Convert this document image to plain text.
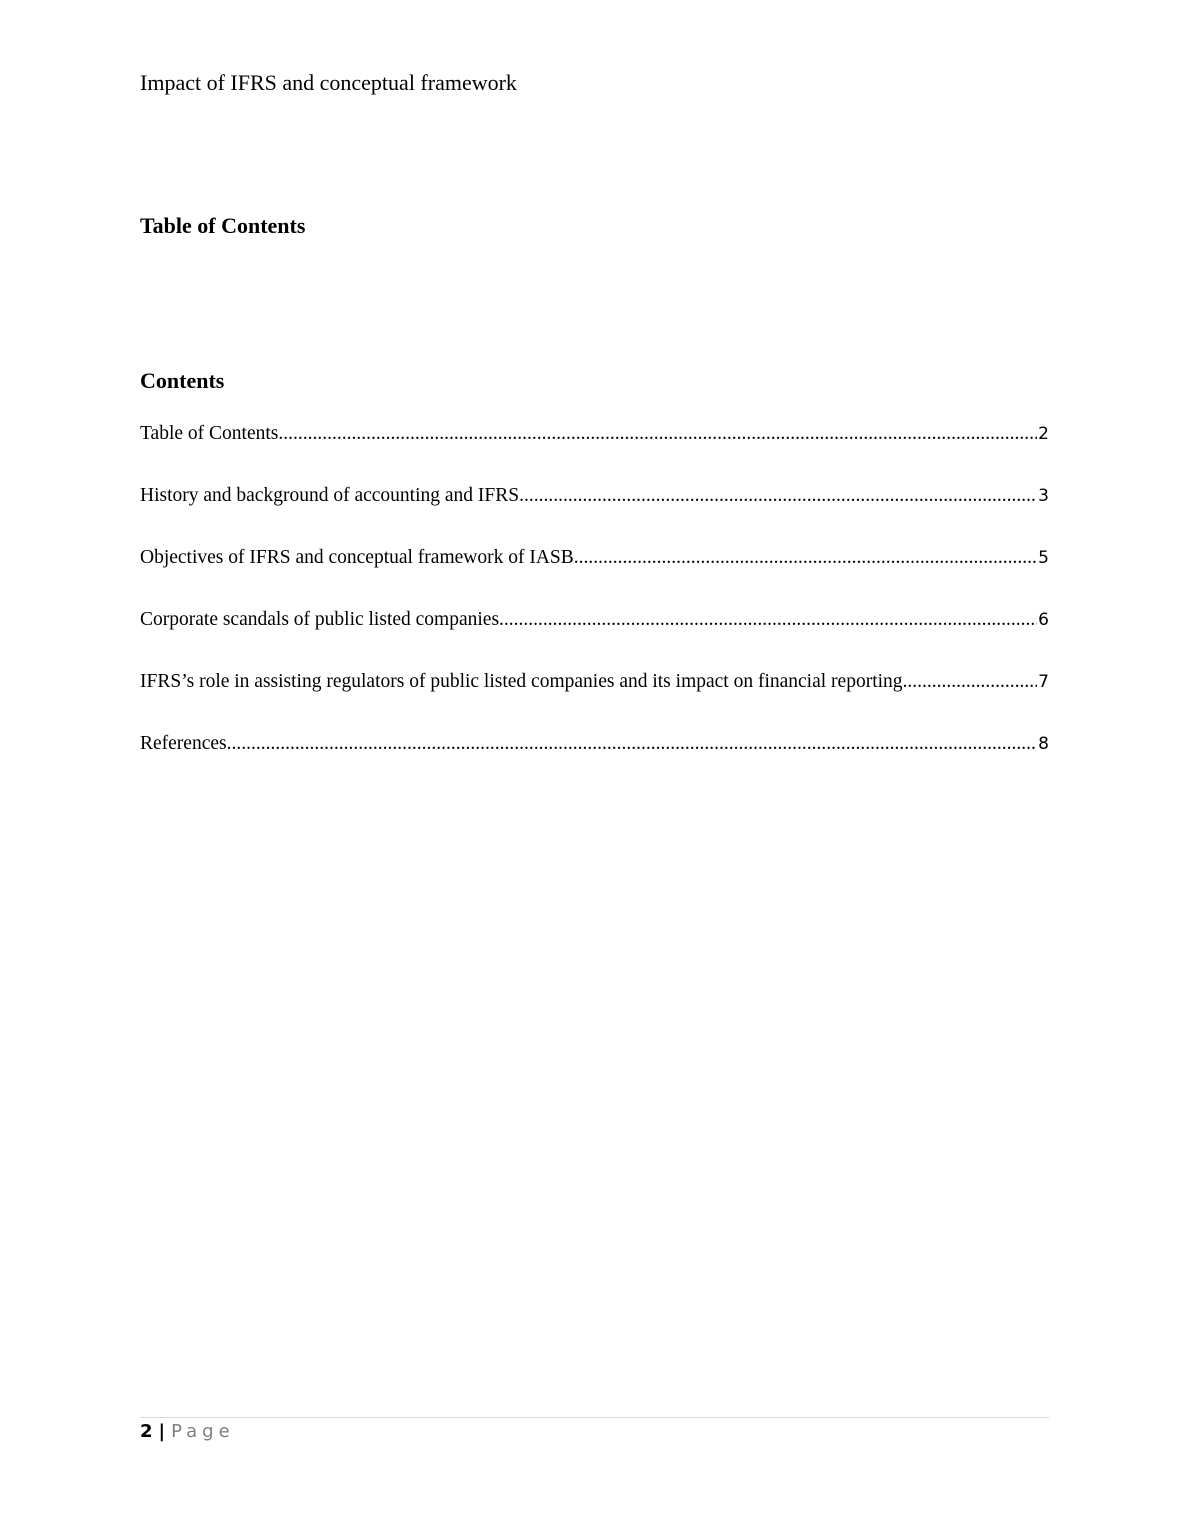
Impact of IFRS and conceptual framework
Table of Contents
Contents
Table of Contents .....	2
History and background of accounting and IFRS .....	3
Objectives of IFRS and conceptual framework of IASB .....	5
Corporate scandals of public listed companies .....	6
IFRS’s role in assisting regulators of public listed companies and its impact on financial reporting .....	7
References .....	8
2 | Page
